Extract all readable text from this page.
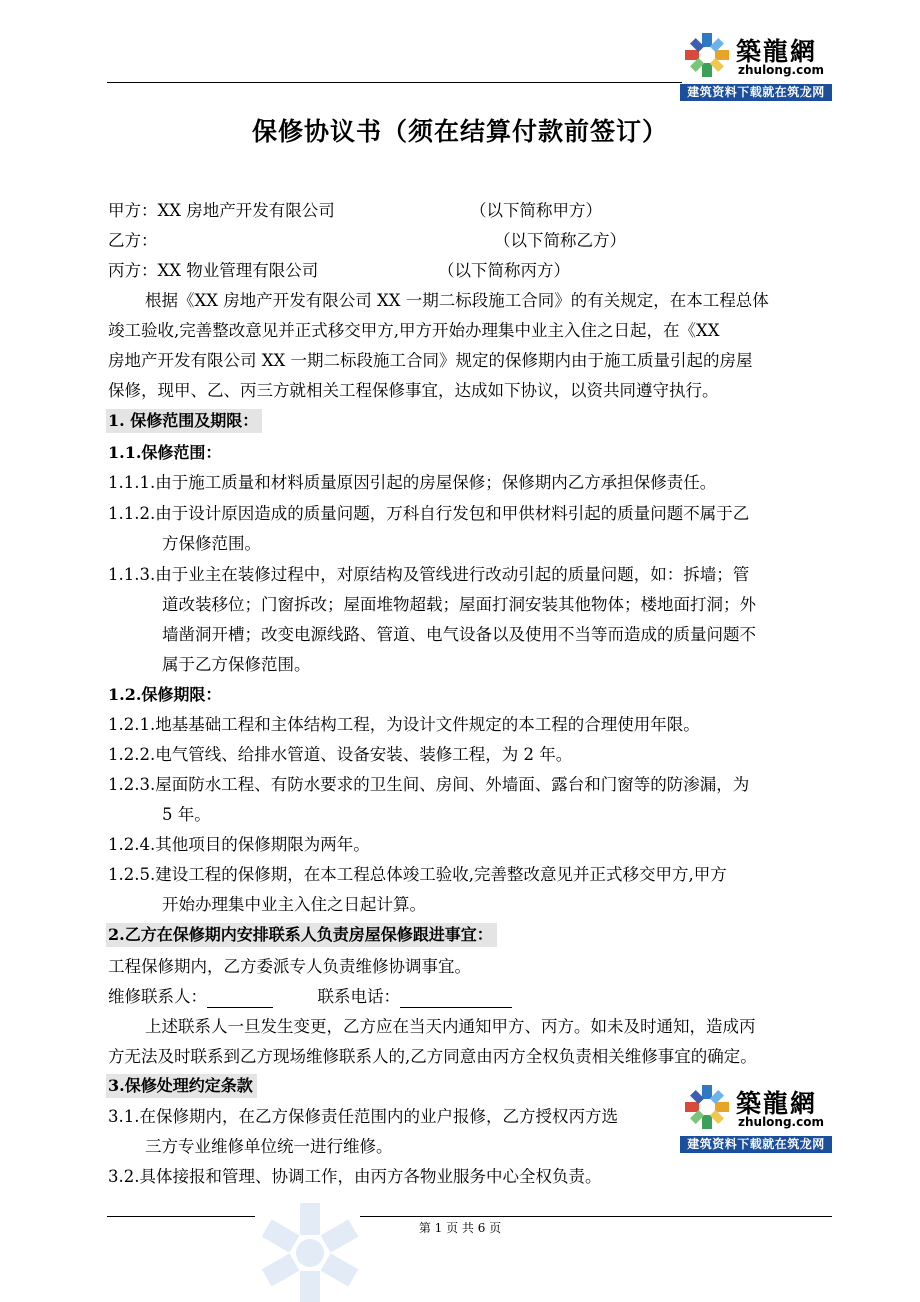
築龍網
zhulong.com
建筑资料下载就在筑龙网
保修协议书（须在结算付款前签订）
甲方：XX 房地产开发有限公司	（以下简称甲方）
乙方：	（以下简称乙方）
丙方：XX 物业管理有限公司	（以下简称丙方）
根据《XX 房地产开发有限公司 XX 一期二标段施工合同》的有关规定，在本工程总体
竣工验收,完善整改意见并正式移交甲方,甲方开始办理集中业主入住之日起，在《XX
房地产开发有限公司 XX 一期二标段施工合同》规定的保修期内由于施工质量引起的房屋
保修，现甲、乙、丙三方就相关工程保修事宜，达成如下协议，以资共同遵守执行。
1. 保修范围及期限：
1.1.保修范围：
1.1.1.由于施工质量和材料质量原因引起的房屋保修；保修期内乙方承担保修责任。
1.1.2.由于设计原因造成的质量问题，万科自行发包和甲供材料引起的质量问题不属于乙
方保修范围。
1.1.3.由于业主在装修过程中，对原结构及管线进行改动引起的质量问题，如：拆墙；管
道改装移位；门窗拆改；屋面堆物超载；屋面打洞安装其他物体；楼地面打洞；外
墙凿洞开槽；改变电源线路、管道、电气设备以及使用不当等而造成的质量问题不
属于乙方保修范围。
1.2.保修期限：
1.2.1.地基基础工程和主体结构工程，为设计文件规定的本工程的合理使用年限。
1.2.2.电气管线、给排水管道、设备安装、装修工程，为 2 年。
1.2.3.屋面防水工程、有防水要求的卫生间、房间、外墙面、露台和门窗等的防渗漏，为
5 年。
1.2.4.其他项目的保修期限为两年。
1.2.5.建设工程的保修期，在本工程总体竣工验收,完善整改意见并正式移交甲方,甲方
开始办理集中业主入住之日起计算。
2.乙方在保修期内安排联系人负责房屋保修跟进事宜：
工程保修期内，乙方委派专人负责维修协调事宜。
维修联系人：	联系电话：
上述联系人一旦发生变更，乙方应在当天内通知甲方、丙方。如未及时通知，造成丙
方无法及时联系到乙方现场维修联系人的,乙方同意由丙方全权负责相关维修事宜的确定。
3.保修处理约定条款
3.1.在保修期内，在乙方保修责任范围内的业户报修，乙方授权丙方选
三方专业维修单位统一进行维修。
3.2.具体接报和管理、协调工作，由丙方各物业服务中心全权负责。
築龍網
zhulong.com
建筑资料下载就在筑龙网
第 1 页 共 6 页
